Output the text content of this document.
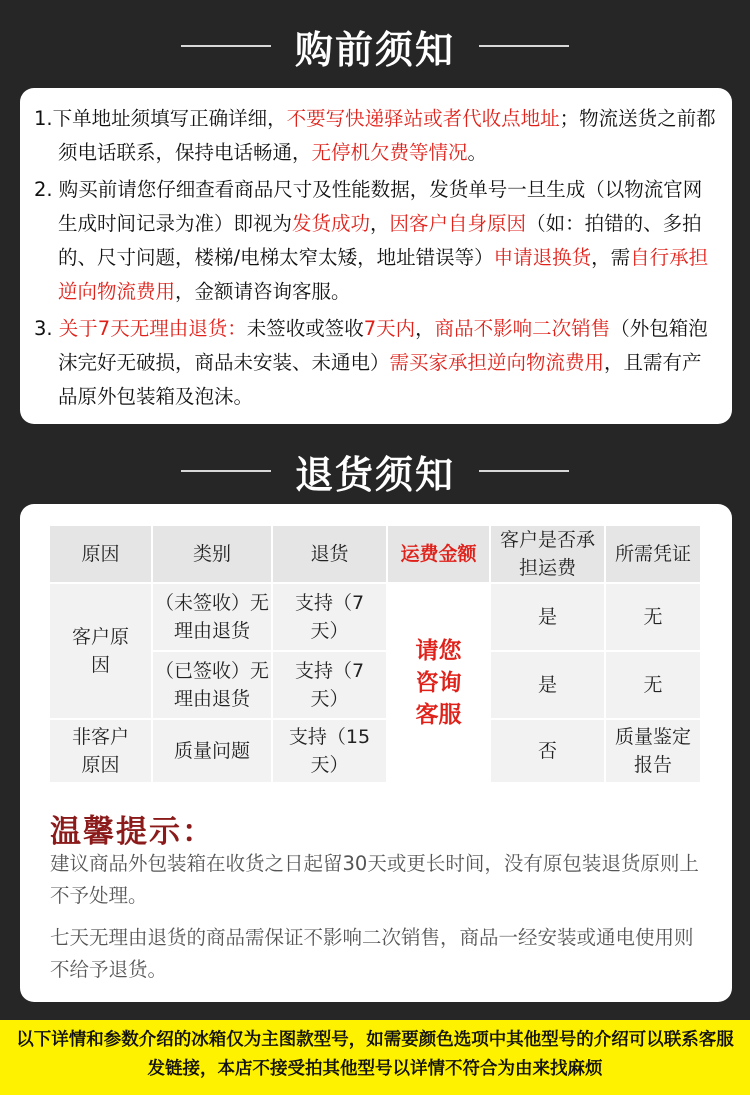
购前须知
1.下单地址须填写正确详细，不要写快递驿站或者代收点地址；物流送货之前都须电话联系，保持电话畅通，无停机欠费等情况。
2. 购买前请您仔细查看商品尺寸及性能数据，发货单号一旦生成（以物流官网生成时间记录为准）即视为发货成功，因客户自身原因（如：拍错的、多拍的、尺寸问题，楼梯/电梯太窄太矮，地址错误等）申请退换货，需自行承担逆向物流费用，金额请咨询客服。
3. 关于7天无理由退货：未签收或签收7天内，商品不影响二次销售（外包箱泡沫完好无破损，商品未安装、未通电）需买家承担逆向物流费用，且需有产品原外包装箱及泡沫。
退货须知
原因	类别	退货	运费金额	客户是否承担运费	所需凭证
客户原因	（未签收）无理由退货	支持（7天）	请您咨询客服	是	无
	（已签收）无理由退货	支持（7天）		是	无
非客户原因	质量问题	支持（15天）		否	质量鉴定报告
温馨提示：
建议商品外包装箱在收货之日起留30天或更长时间，没有原包装退货原则上不予处理。
七天无理由退货的商品需保证不影响二次销售，商品一经安装或通电使用则不给予退货。
以下详情和参数介绍的冰箱仅为主图款型号，如需要颜色选项中其他型号的介绍可以联系客服发链接，本店不接受拍其他型号以详情不符合为由来找麻烦
